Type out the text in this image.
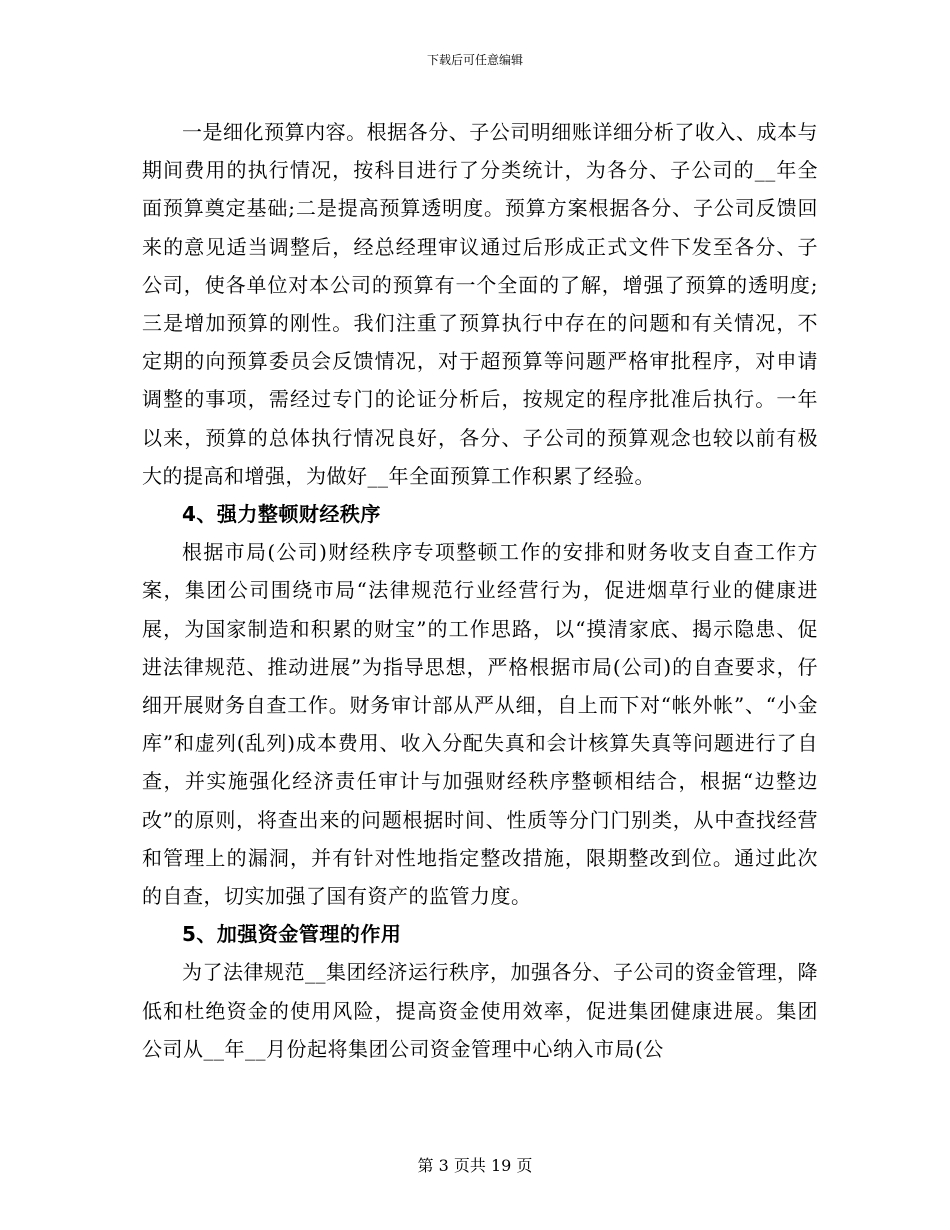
下载后可任意编辑

一是细化预算内容。根据各分、子公司明细账详细分析了收入、成本与期间费用的执行情况，按科目进行了分类统计，为各分、子公司的__年全面预算奠定基础;二是提高预算透明度。预算方案根据各分、子公司反馈回来的意见适当调整后，经总经理审议通过后形成正式文件下发至各分、子公司，使各单位对本公司的预算有一个全面的了解，增强了预算的透明度;三是增加预算的刚性。我们注重了预算执行中存在的问题和有关情况，不定期的向预算委员会反馈情况，对于超预算等问题严格审批程序，对申请调整的事项，需经过专门的论证分析后，按规定的程序批准后执行。一年以来，预算的总体执行情况良好，各分、子公司的预算观念也较以前有极大的提高和增强，为做好__年全面预算工作积累了经验。

4、强力整顿财经秩序

根据市局(公司)财经秩序专项整顿工作的安排和财务收支自查工作方案，集团公司围绕市局“法律规范行业经营行为，促进烟草行业的健康进展，为国家制造和积累的财宝”的工作思路，以“摸清家底、揭示隐患、促进法律规范、推动进展”为指导思想，严格根据市局(公司)的自查要求，仔细开展财务自查工作。财务审计部从严从细，自上而下对“帐外帐”、“小金库”和虚列(乱列)成本费用、收入分配失真和会计核算失真等问题进行了自查，并实施强化经济责任审计与加强财经秩序整顿相结合，根据“边整边改”的原则，将查出来的问题根据时间、性质等分门门别类，从中查找经营和管理上的漏洞，并有针对性地指定整改措施，限期整改到位。通过此次的自查，切实加强了国有资产的监管力度。

5、加强资金管理的作用

为了法律规范__集团经济运行秩序，加强各分、子公司的资金管理，降低和杜绝资金的使用风险，提高资金使用效率，促进集团健康进展。集团公司从__年__月份起将集团公司资金管理中心纳入市局(公

第 3 页共 19 页
